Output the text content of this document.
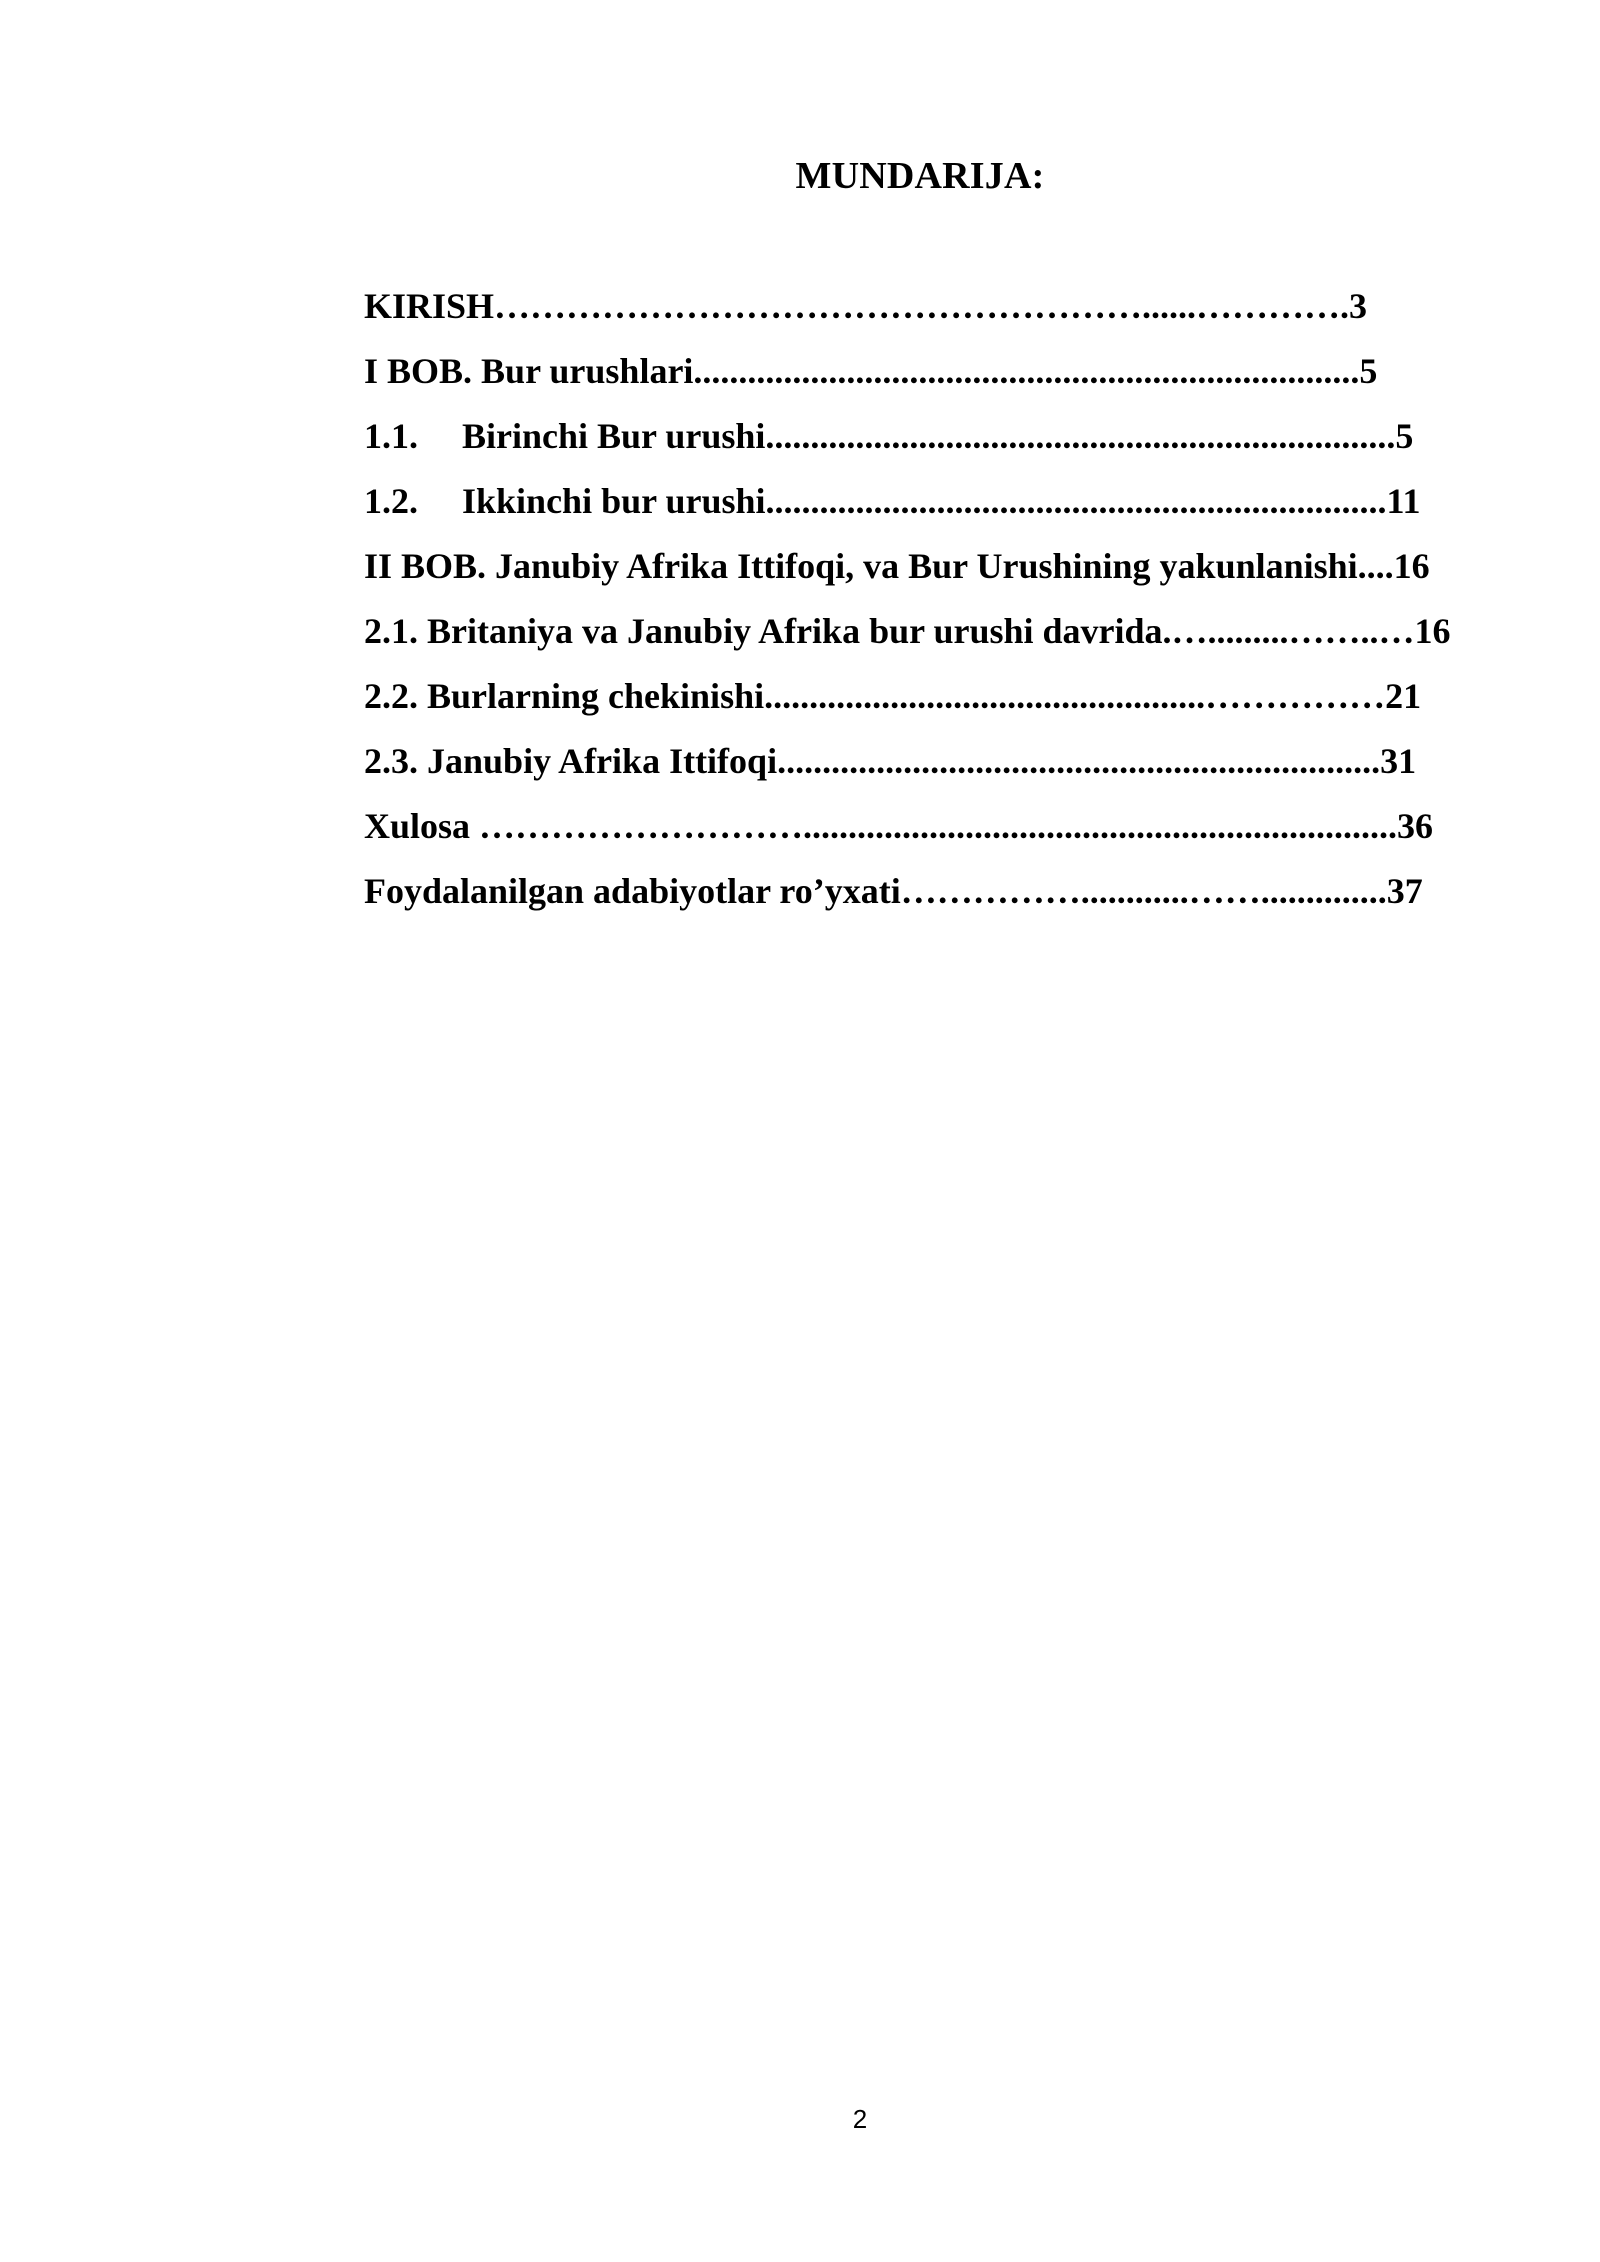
MUNDARIJA:
KIRISH………………………………………………......………….3
I BOB. Bur urushlari..........................................................................5
1.1. Birinchi Bur urushi......................................................................5
1.2. Ikkinchi bur urushi.....................................................................11
II BOB. Janubiy Afrika Ittifoqi, va Bur Urushining yakunlanishi....16
2.1. Britaniya va Janubiy Afrika bur urushi davrida.….........……..…16
2.2. Burlarning chekinishi.................................................……………21
2.3. Janubiy Afrika Ittifoqi...................................................................31
Xulosa ………………………..................................................................36
Foydalanilgan adabiyotlar ro’yxati……………............……..............37
2
